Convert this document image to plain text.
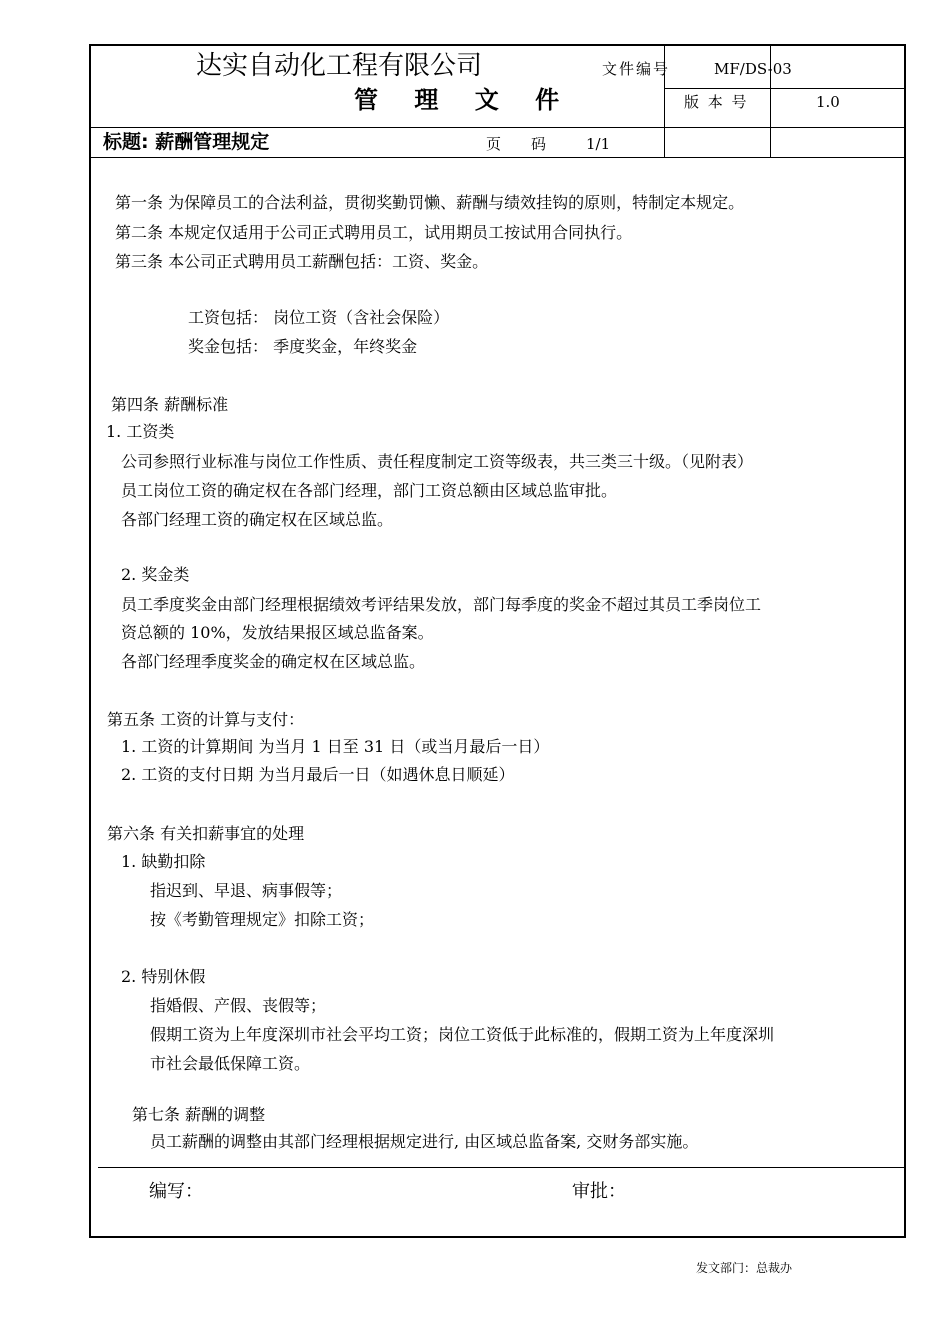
达实自动化工程有限公司
管 理 文 件
文件编号	MF/DS-03
版 本 号	1.0
标题: 薪酬管理规定	页　　码	1/1
第一条 为保障员工的合法利益，贯彻奖勤罚懒、薪酬与绩效挂钩的原则，特制定本规定。
第二条 本规定仅适用于公司正式聘用员工，试用期员工按试用合同执行。
第三条 本公司正式聘用员工薪酬包括：工资、奖金。
工资包括： 岗位工资（含社会保险）
奖金包括： 季度奖金，年终奖金
第四条 薪酬标准
1. 工资类
公司参照行业标准与岗位工作性质、责任程度制定工资等级表，共三类三十级。（见附表）
员工岗位工资的确定权在各部门经理，部门工资总额由区域总监审批。
各部门经理工资的确定权在区域总监。
2. 奖金类
员工季度奖金由部门经理根据绩效考评结果发放，部门每季度的奖金不超过其员工季岗位工
资总额的 10%，发放结果报区域总监备案。
各部门经理季度奖金的确定权在区域总监。
第五条 工资的计算与支付：
1. 工资的计算期间 为当月 1 日至 31 日（或当月最后一日）
2. 工资的支付日期 为当月最后一日（如遇休息日顺延）
第六条 有关扣薪事宜的处理
1. 缺勤扣除
指迟到、早退、病事假等；
按《考勤管理规定》扣除工资；
2. 特别休假
指婚假、产假、丧假等；
假期工资为上年度深圳市社会平均工资；岗位工资低于此标准的，假期工资为上年度深圳
市社会最低保障工资。
第七条 薪酬的调整
员工薪酬的调整由其部门经理根据规定进行, 由区域总监备案, 交财务部实施。
编写：	审批：
发文部门：总裁办
